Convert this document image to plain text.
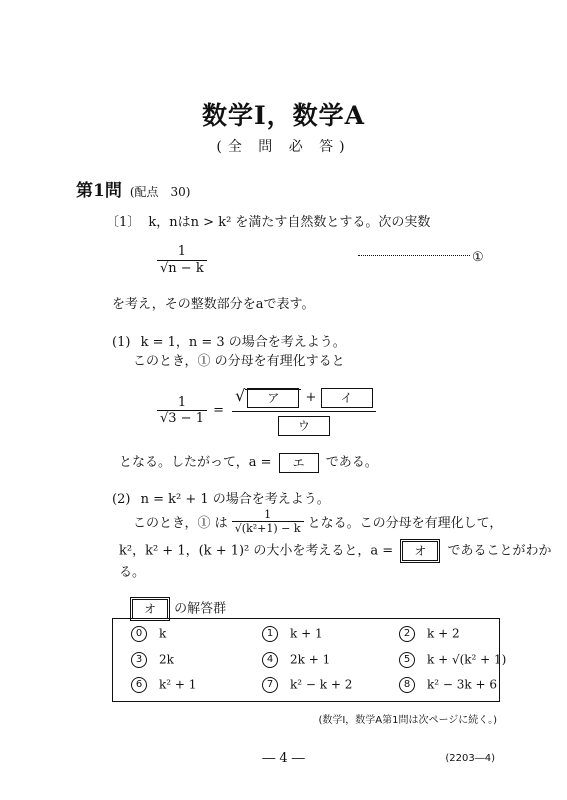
数学Ⅰ，数学A
(全 問 必 答)
第1問 (配点　30)
〔1〕 k，nはn > k² を満たす自然数とする。次の実数
$\frac{1}{√n - k}$	①
を考え，その整数部分をaで表す。
(1) k = 1，n = 3 の場合を考えよう。
このとき，① の分母を有理化すると
$\frac{1}{√3 - 1} = \frac{\text{√ ア + イ}}{\text{ウ}}$
となる。したがって，a = エ である。
(2) n = k² + 1 の場合を考えよう。
このとき，① は $\frac{1}{\text{√(k²+1) − k}}$ となる。この分母を有理化して，
k²，k² + 1，(k + 1)² の大小を考えると，a = オ であることがわか
る。
オ の解答群
0 k	1 k + 1	2 k + 2
3 2k	4 2k + 1	5 k + √(k² + 1)
6 k² + 1	7 k² − k + 2	8 k² − 3k + 6
(数学Ⅰ，数学A第1問は次ページに続く。)
― 4 ―	(2203―4)
